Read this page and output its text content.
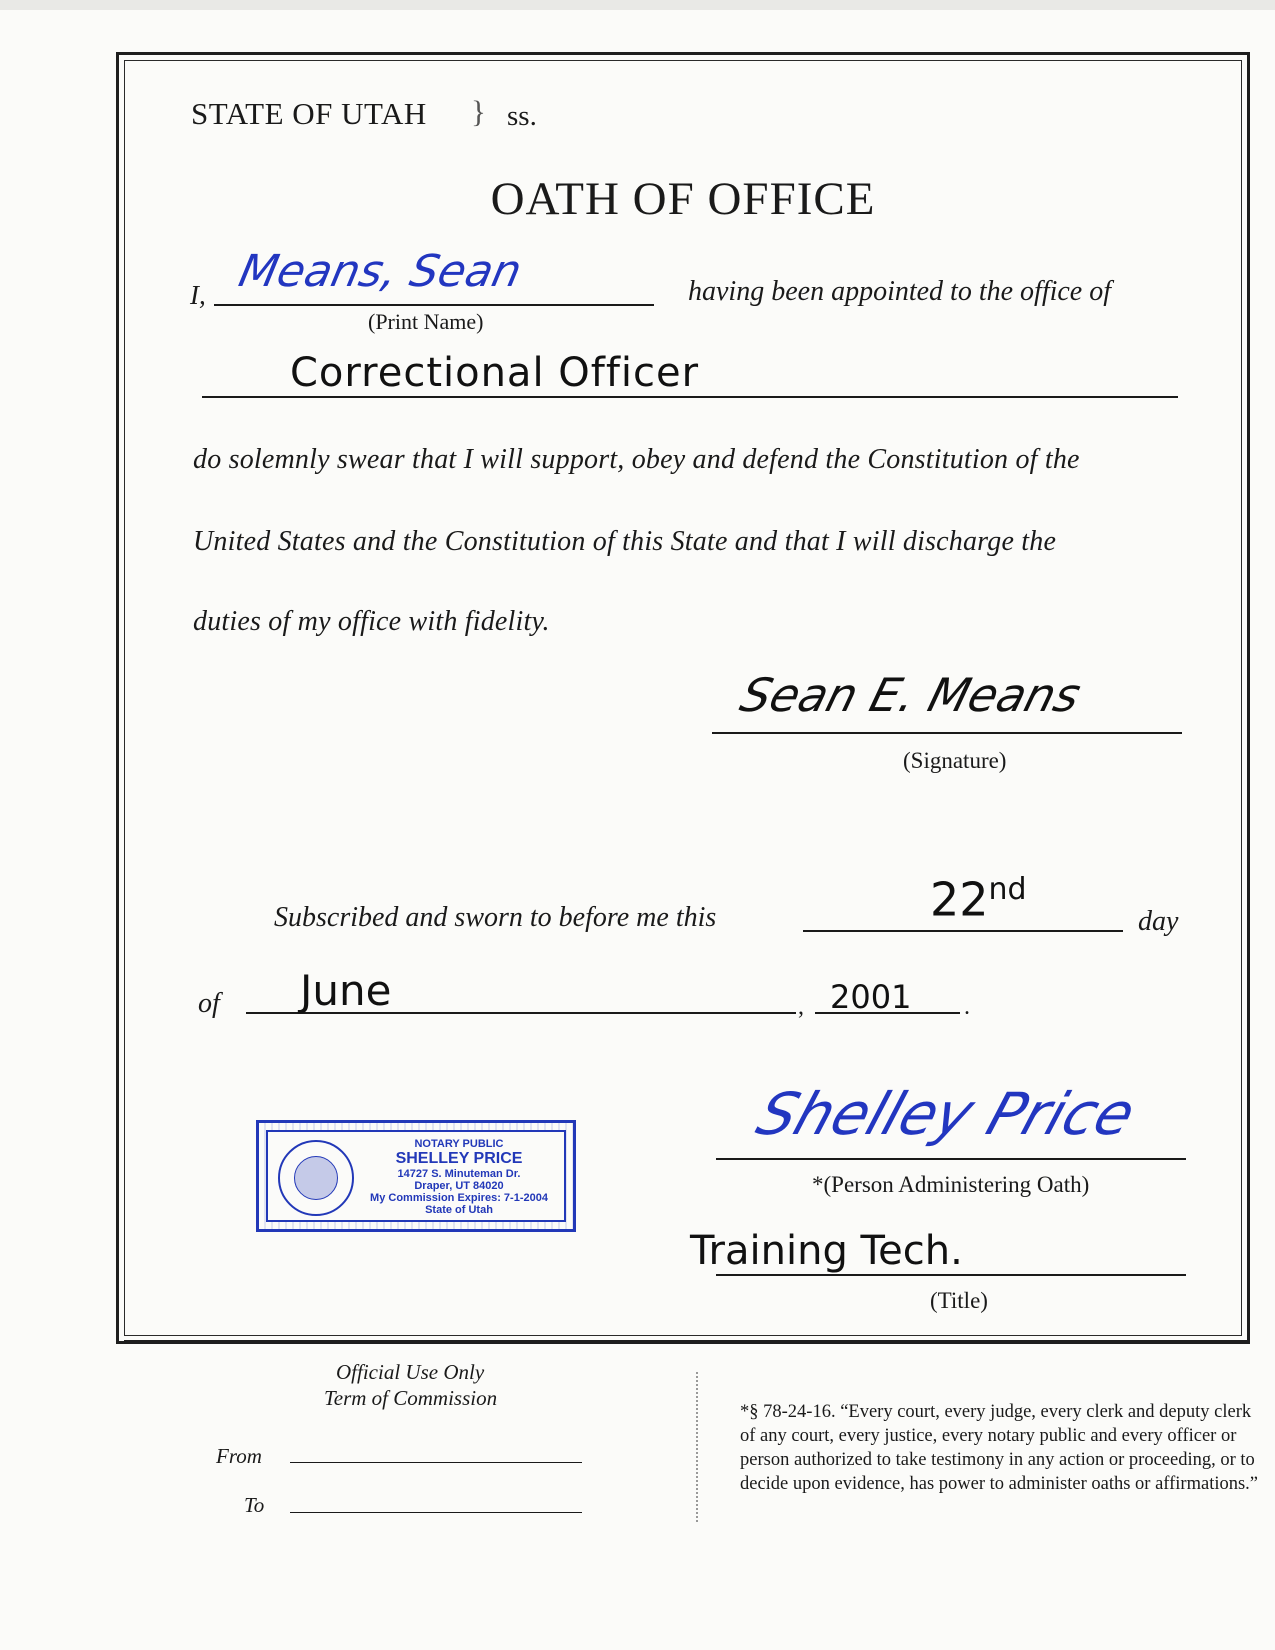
STATE OF UTAH } ss.
OATH OF OFFICE
I, Means, Sean
(Print Name)
having been appointed to the office of
Correctional Officer
do solemnly swear that I will support, obey and defend the Constitution of the
United States and the Constitution of this State and that I will discharge the
duties of my office with fidelity.
Sean E. Means
(Signature)
Subscribed and sworn to before me this	22nd
day
of June	, 2001 .
NOTARY PUBLIC
SHELLEY PRICE
14727 S. Minuteman Dr.
Draper, UT 84020
My Commission Expires: 7-1-2004
State of Utah
Shelley Price
*(Person Administering Oath)
Training Tech.
(Title)
Official Use Only
Term of Commission
From
To
*§ 78-24-16. “Every court, every judge, every clerk and deputy clerk of any court, every justice, every notary public and every officer or person authorized to take testimony in any action or proceeding, or to decide upon evidence, has power to administer oaths or affirmations.”
